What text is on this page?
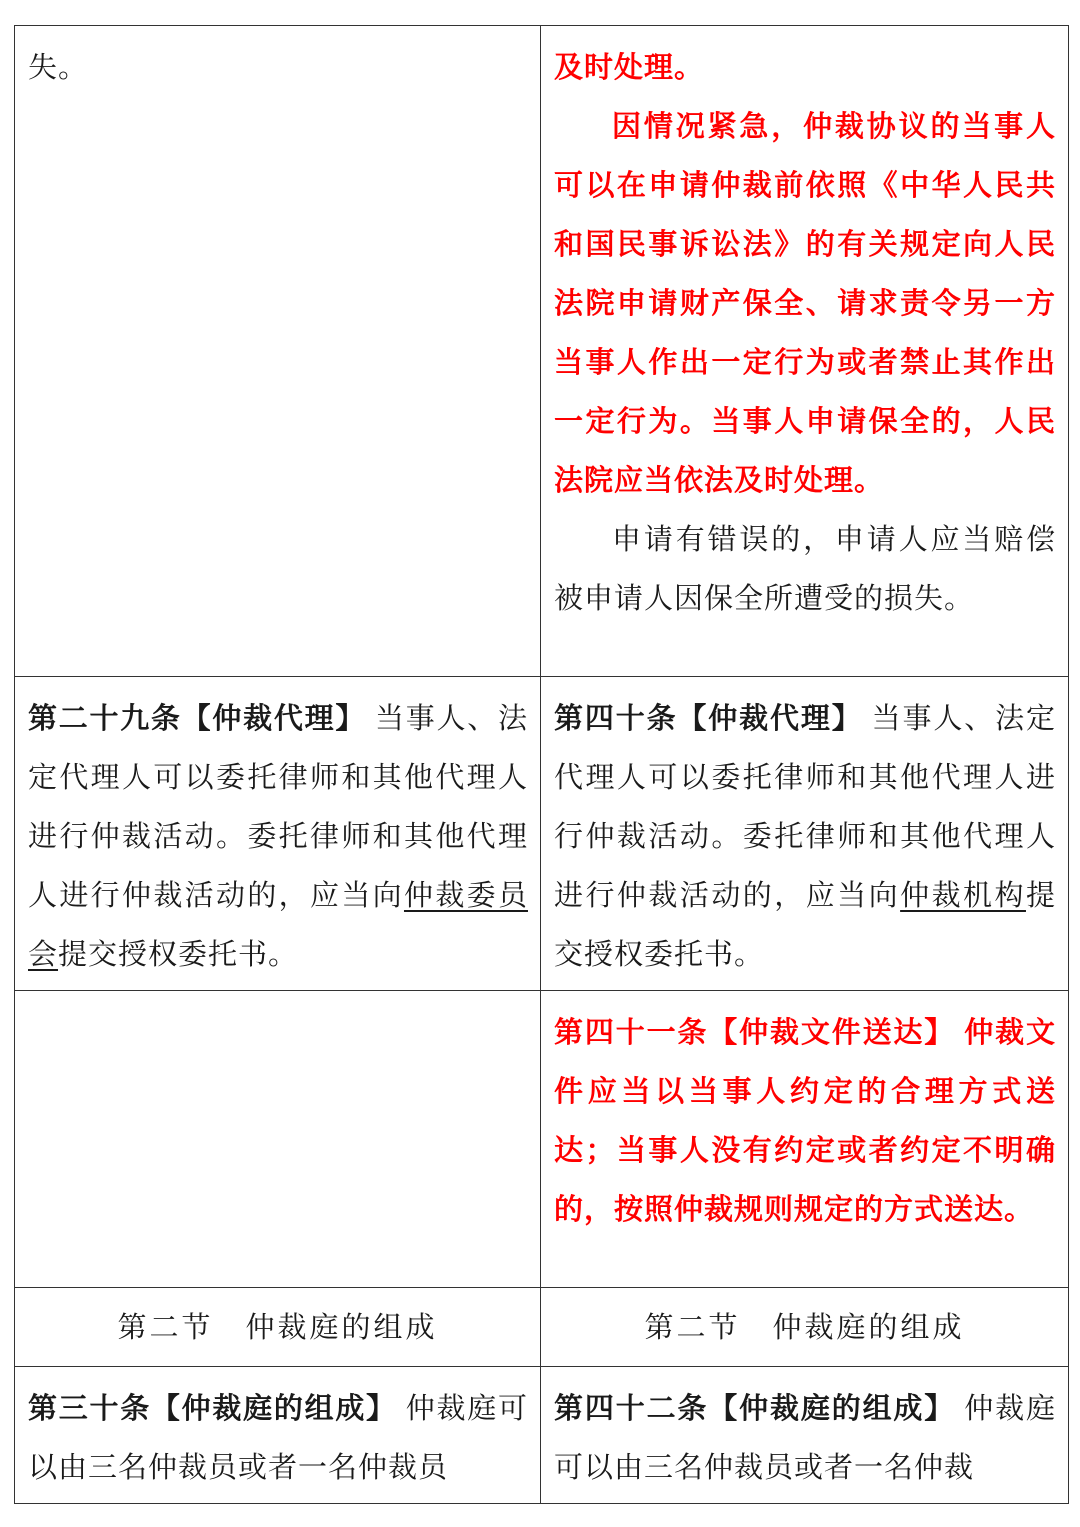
失。	及时处理。

因情况紧急，仲裁协议的当事人可以在申请仲裁前依照《中华人民共和国民事诉讼法》的有关规定向人民法院申请财产保全、请求责令另一方当事人作出一定行为或者禁止其作出一定行为。当事人申请保全的，人民法院应当依法及时处理。

申请有错误的，申请人应当赔偿被申请人因保全所遭受的损失。

第二十九条【仲裁代理】  当事人、法定代理人可以委托律师和其他代理人进行仲裁活动。委托律师和其他代理人进行仲裁活动的，应当向仲裁委员会提交授权委托书。	第四十条【仲裁代理】  当事人、法定代理人可以委托律师和其他代理人进行仲裁活动。委托律师和其他代理人进行仲裁活动的，应当向仲裁机构提交授权委托书。

	第四十一条【仲裁文件送达】  仲裁文件应当以当事人约定的合理方式送达；当事人没有约定或者约定不明确的，按照仲裁规则规定的方式送达。

第二节　仲裁庭的组成	第二节　仲裁庭的组成

第三十条【仲裁庭的组成】  仲裁庭可以由三名仲裁员或者一名仲裁员	第四十二条【仲裁庭的组成】  仲裁庭可以由三名仲裁员或者一名仲裁
